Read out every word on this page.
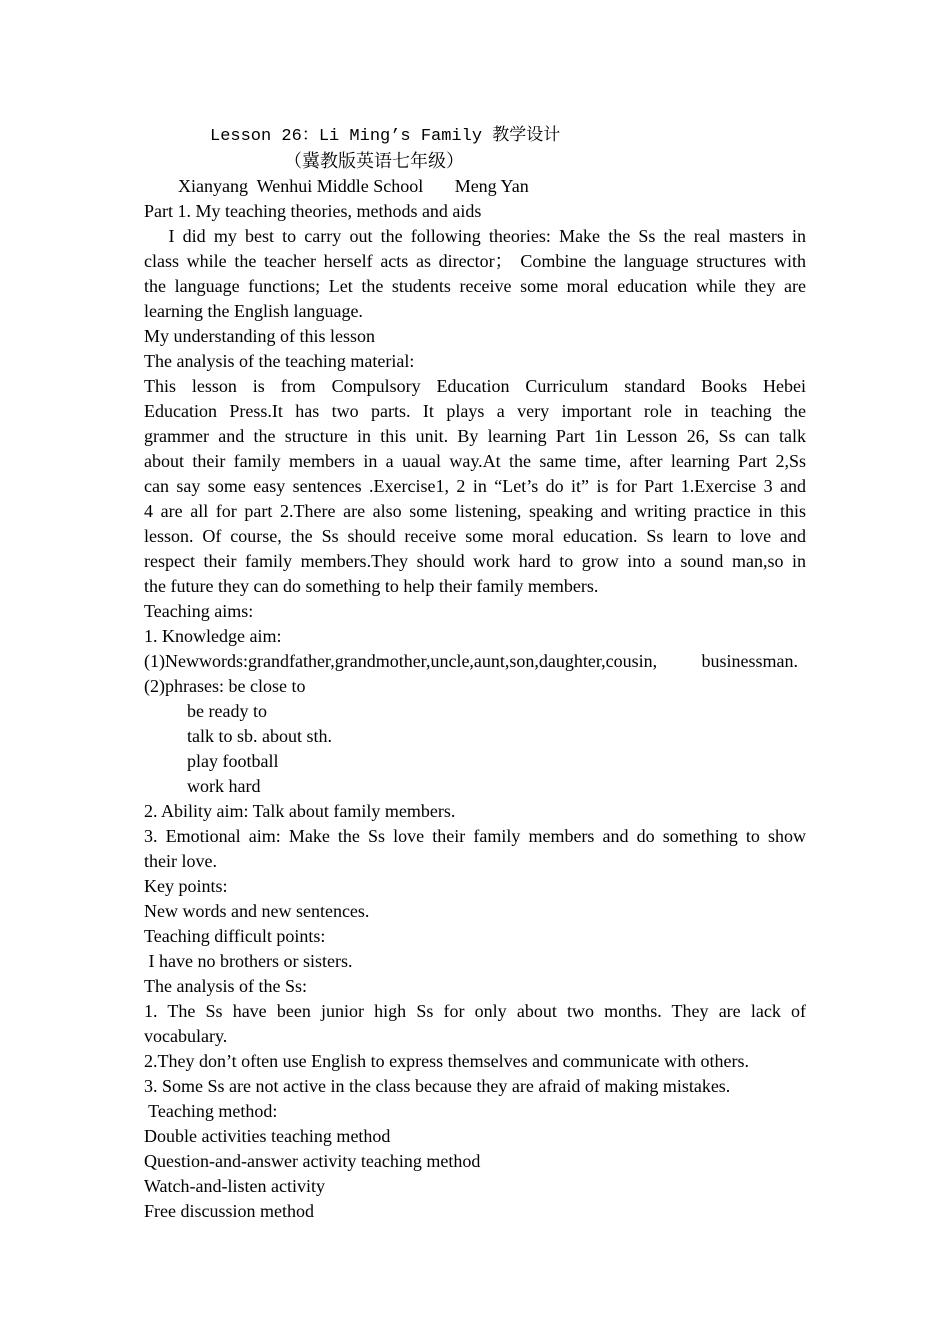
Lesson 26：Li Ming’s Family 教学设计
（冀教版英语七年级）
Xianyang  Wenhui Middle School       Meng Yan
Part 1. My teaching theories, methods and aids
I did my best to carry out the following theories: Make the Ss the real masters in
class while the teacher herself acts as director； Combine the language structures with
the language functions; Let the students receive some moral education while they are
learning the English language.
My understanding of this lesson
The analysis of the teaching material:
This lesson is from Compulsory Education Curriculum standard Books Hebei
Education Press.It has two parts. It plays a very important role in teaching the
grammer and the structure in this unit. By learning Part 1in Lesson 26, Ss can talk
about their family members in a uaual way.At the same time, after learning Part 2,Ss
can say some easy sentences .Exercise1, 2 in “Let’s do it” is for Part 1.Exercise 3 and
4 are all for part 2.There are also some listening, speaking and writing practice in this
lesson. Of course, the Ss should receive some moral education. Ss learn to love and
respect their family members.They should work hard to grow into a sound man,so in
the future they can do something to help their family members.
Teaching aims:
1. Knowledge aim:
(1)Newwords:grandfather,grandmother,uncle,aunt,son,daughter,cousin, businessman.
(2)phrases: be close to
be ready to
talk to sb. about sth.
play football
work hard
2. Ability aim: Talk about family members.
3. Emotional aim: Make the Ss love their family members and do something to show
their love.
Key points:
New words and new sentences.
Teaching difficult points:
I have no brothers or sisters.
The analysis of the Ss:
1. The Ss have been junior high Ss for only about two months. They are lack of
vocabulary.
2.They don’t often use English to express themselves and communicate with others.
3. Some Ss are not active in the class because they are afraid of making mistakes.
Teaching method:
Double activities teaching method
Question-and-answer activity teaching method
Watch-and-listen activity
Free discussion method
